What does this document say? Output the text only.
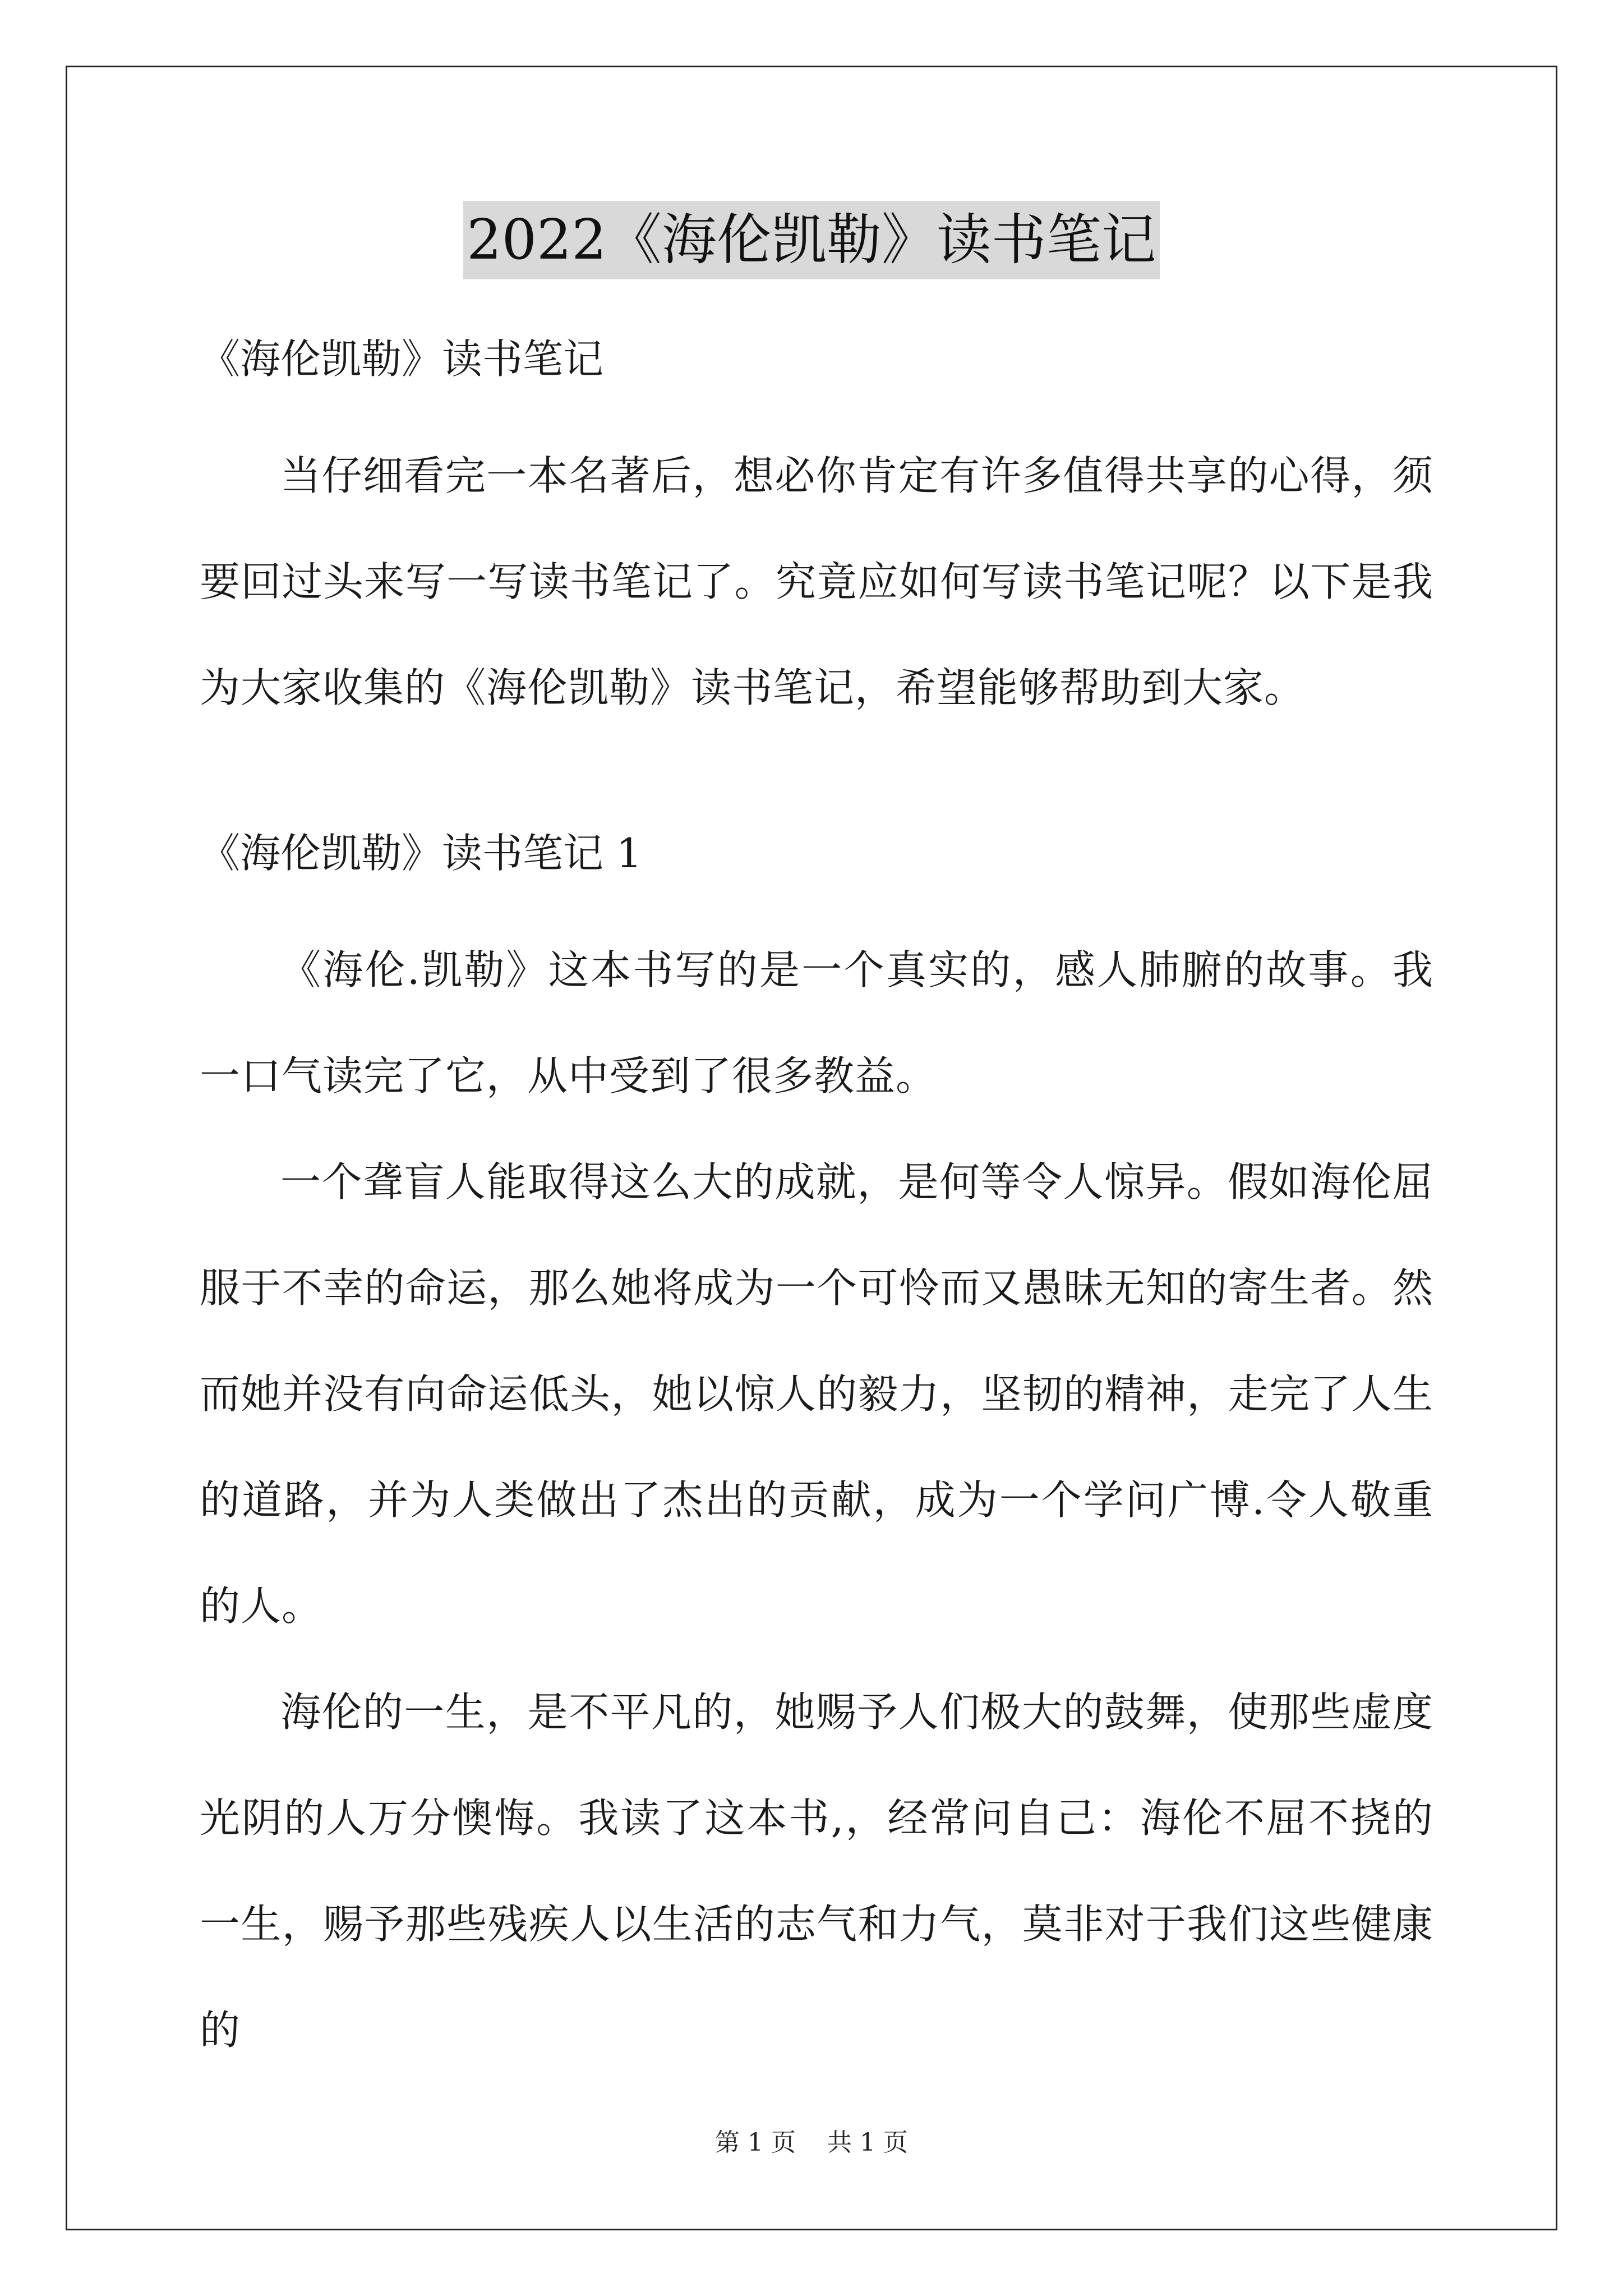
2022《海伦凯勒》读书笔记

《海伦凯勒》读书笔记

当仔细看完一本名著后，想必你肯定有许多值得共享的心得，须要回过头来写一写读书笔记了。究竟应如何写读书笔记呢？以下是我为大家收集的《海伦凯勒》读书笔记，希望能够帮助到大家。

《海伦凯勒》读书笔记 1

《海伦.凯勒》这本书写的是一个真实的，感人肺腑的故事。我一口气读完了它，从中受到了很多教益。

一个聋盲人能取得这么大的成就，是何等令人惊异。假如海伦屈服于不幸的命运，那么她将成为一个可怜而又愚昧无知的寄生者。然而她并没有向命运低头，她以惊人的毅力，坚韧的精神，走完了人生的道路，并为人类做出了杰出的贡献，成为一个学问广博.令人敬重的人。

海伦的一生，是不平凡的，她赐予人们极大的鼓舞，使那些虚度光阴的人万分懊悔。我读了这本书,，经常问自己：海伦不屈不挠的一生，赐予那些残疾人以生活的志气和力气，莫非对于我们这些健康的

第 1 页 共 1 页
